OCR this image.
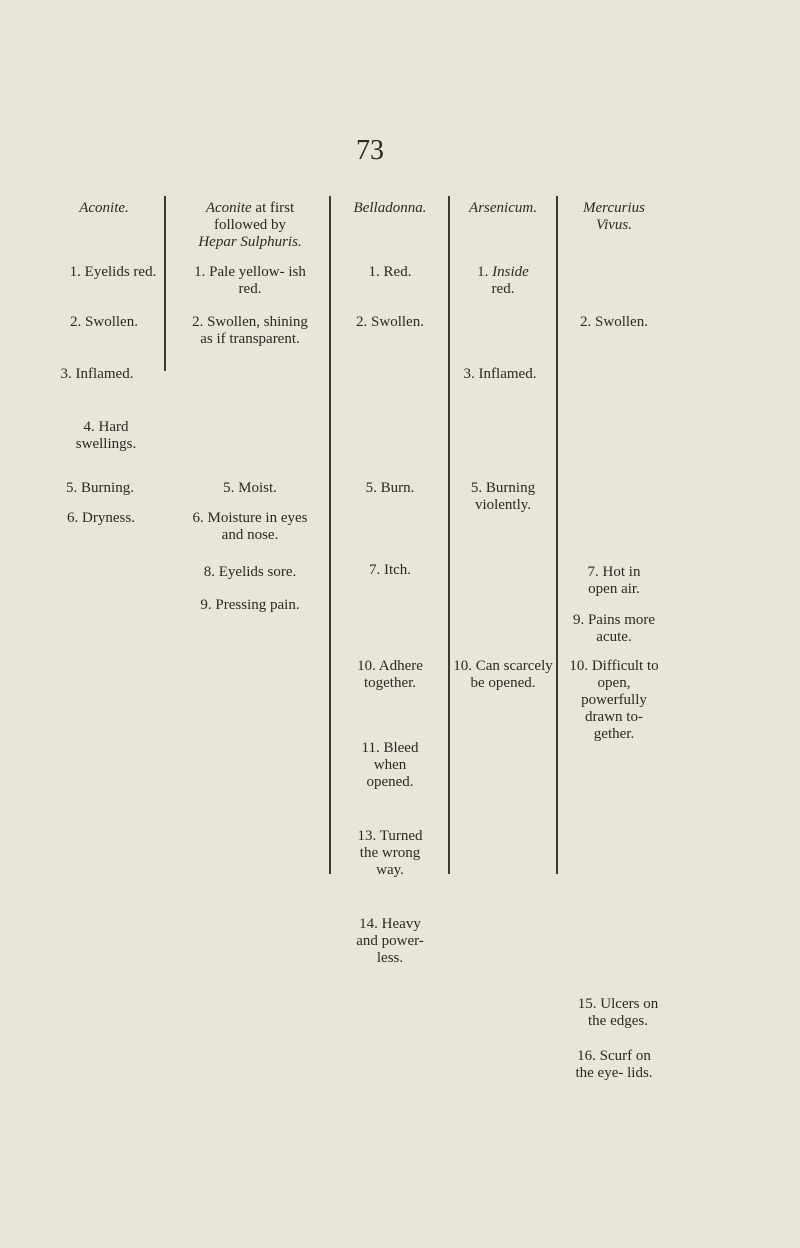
73
Aconite.
1. Eyelids red.
2. Swollen.
3. Inflamed.
4. Hard swellings.
5. Burning.
6. Dryness.
Aconite at first followed by
Hepar Sulphuris.
1. Pale yellow- ish red.
2. Swollen, shining as if transparent.
5. Moist.
6. Moisture in eyes and nose.
8. Eyelids sore.
9. Pressing pain.
Belladonna.
1. Red.
2. Swollen.
5. Burn.
7. Itch.
10. Adhere together.
11. Bleed when opened.
13. Turned the wrong way.
14. Heavy and power- less.
Arsenicum.
1. Inside
red.
3. Inflamed.
5. Burning violently.
10. Can scarcely be opened.
Mercurius
Vivus.
2. Swollen.
7. Hot in open air.
9. Pains more acute.
10. Difficult to open, powerfully drawn to- gether.
15. Ulcers on the edges.
16. Scurf on the eye- lids.
